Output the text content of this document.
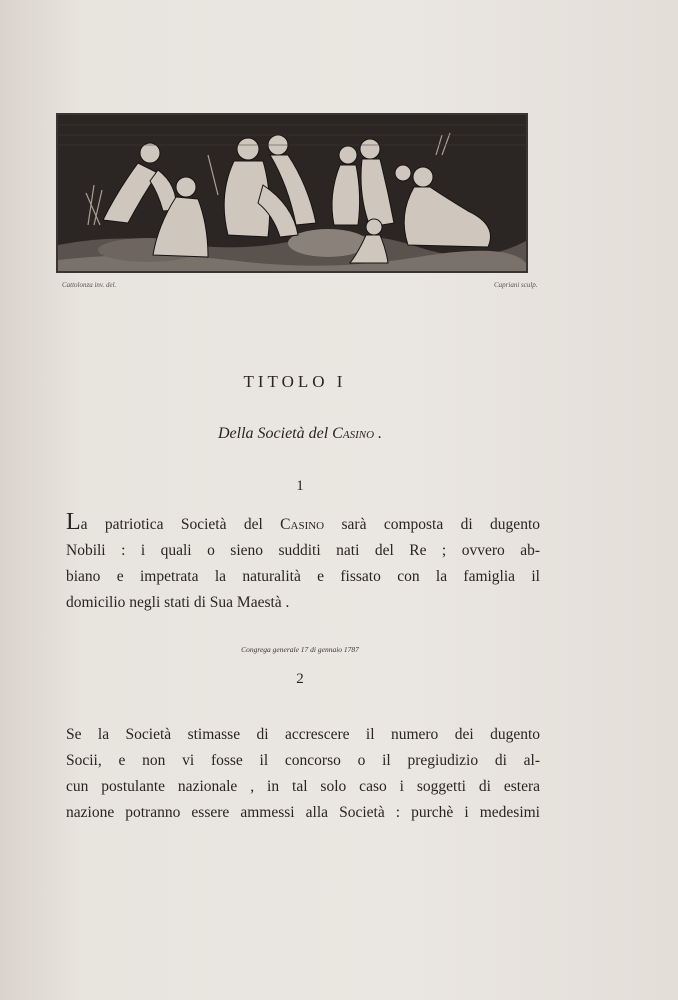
Cattolonza inv. del.	Capriani sculp.
TITOLO I
Della Società del Casino .
1
La patriotica Società del Casino sarà composta di dugento
Nobili : i quali o sieno sudditi nati del Re ; ovvero ab-
biano e impetrata la naturalità e fissato con la famiglia il
domicilio negli stati di Sua Maestà .
Congrega generale 17 di gennaio 1787
2
Se la Società stimasse di accrescere il numero dei dugento
Socii, e non vi fosse il concorso o il pregiudizio di al-
cun postulante nazionale , in tal solo caso i soggetti di estera
nazione potranno essere ammessi alla Società : purchè i medesimi
